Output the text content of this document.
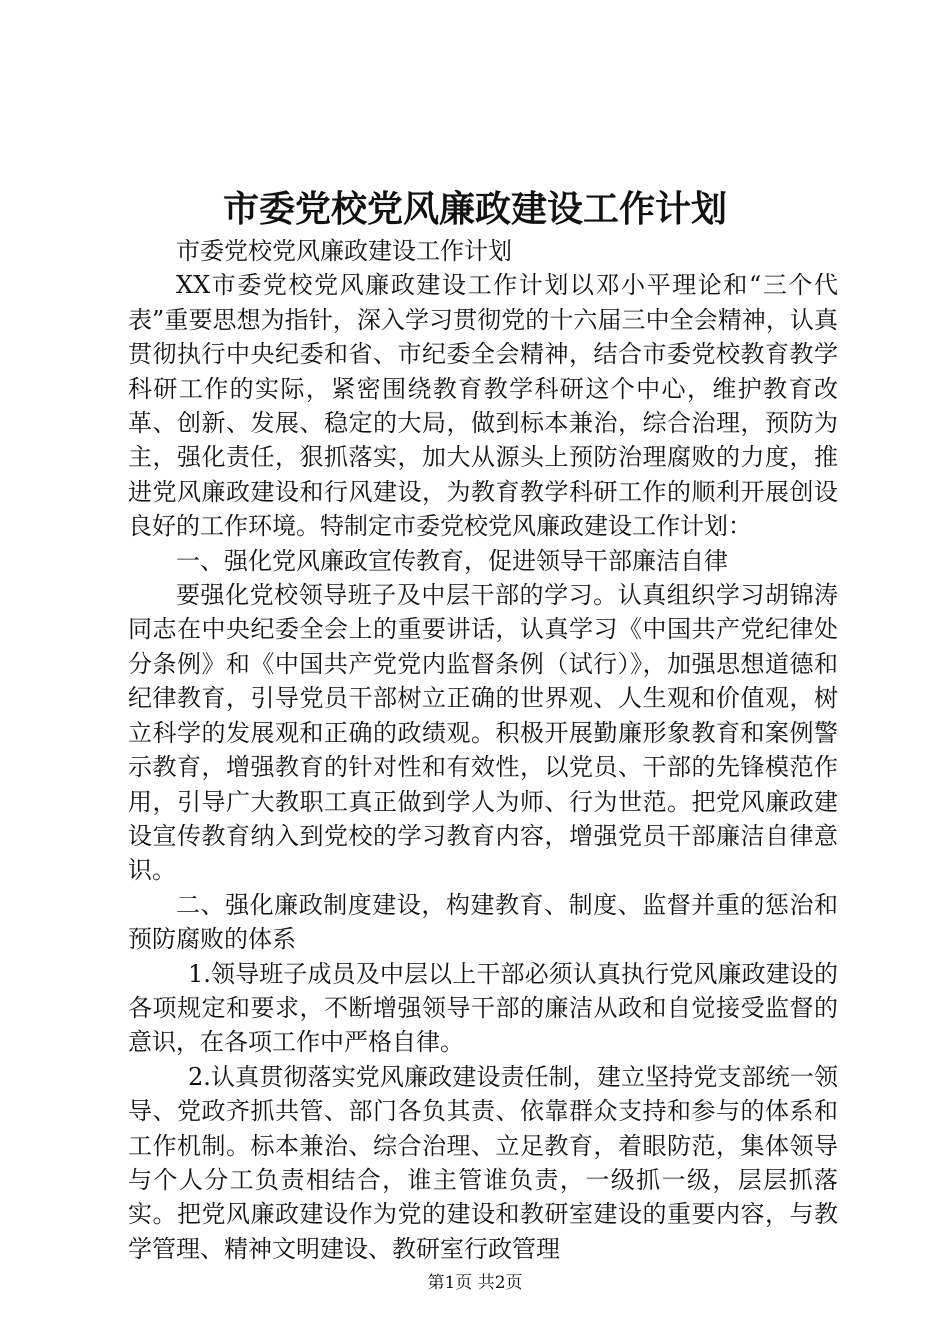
市委党校党风廉政建设工作计划

市委党校党风廉政建设工作计划

XX市委党校党风廉政建设工作计划以邓小平理论和“三个代表”重要思想为指针，深入学习贯彻党的十六届三中全会精神，认真贯彻执行中央纪委和省、市纪委全会精神，结合市委党校教育教学科研工作的实际，紧密围绕教育教学科研这个中心，维护教育改革、创新、发展、稳定的大局，做到标本兼治，综合治理，预防为主，强化责任，狠抓落实，加大从源头上预防治理腐败的力度，推进党风廉政建设和行风建设，为教育教学科研工作的顺利开展创设良好的工作环境。特制定市委党校党风廉政建设工作计划：

一、强化党风廉政宣传教育，促进领导干部廉洁自律

要强化党校领导班子及中层干部的学习。认真组织学习胡锦涛同志在中央纪委全会上的重要讲话，认真学习《中国共产党纪律处分条例》和《中国共产党党内监督条例（试行）》，加强思想道德和纪律教育，引导党员干部树立正确的世界观、人生观和价值观，树立科学的发展观和正确的政绩观。积极开展勤廉形象教育和案例警示教育，增强教育的针对性和有效性，以党员、干部的先锋模范作用，引导广大教职工真正做到学人为师、行为世范。把党风廉政建设宣传教育纳入到党校的学习教育内容，增强党员干部廉洁自律意识。

二、强化廉政制度建设，构建教育、制度、监督并重的惩治和预防腐败的体系

1.领导班子成员及中层以上干部必须认真执行党风廉政建设的各项规定和要求，不断增强领导干部的廉洁从政和自觉接受监督的意识，在各项工作中严格自律。

2.认真贯彻落实党风廉政建设责任制，建立坚持党支部统一领导、党政齐抓共管、部门各负其责、依靠群众支持和参与的体系和工作机制。标本兼治、综合治理、立足教育，着眼防范，集体领导与个人分工负责相结合，谁主管谁负责，一级抓一级，层层抓落实。把党风廉政建设作为党的建设和教研室建设的重要内容，与教学管理、精神文明建设、教研室行政管理

第1页 共2页
